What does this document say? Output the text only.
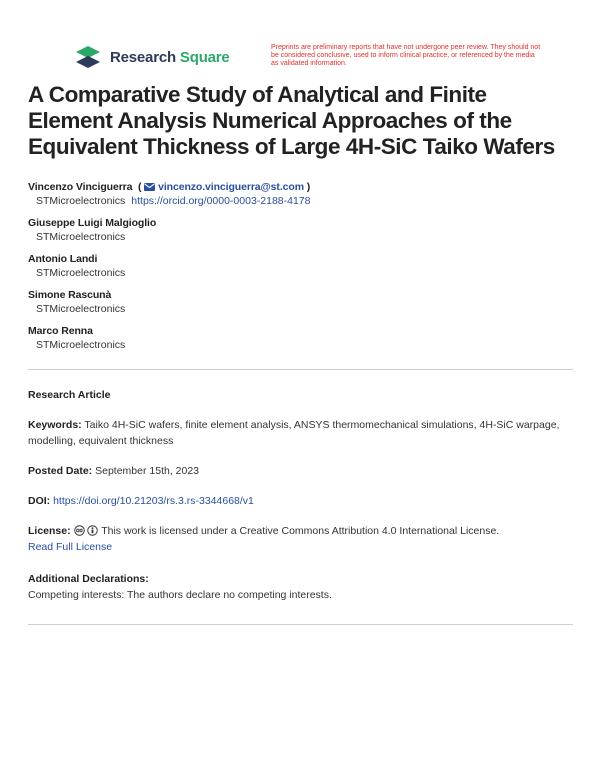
Research Square
Preprints are preliminary reports that have not undergone peer review. They should not be considered conclusive, used to inform clinical practice, or referenced by the media as validated information.
A Comparative Study of Analytical and Finite Element Analysis Numerical Approaches of the Equivalent Thickness of Large 4H-SiC Taiko Wafers
Vincenzo Vinciguerra  (  vincenzo.vinciguerra@st.com )
STMicroelectronics https://orcid.org/0000-0003-2188-4178
Giuseppe Luigi Malgioglio
STMicroelectronics
Antonio Landi
STMicroelectronics
Simone Rascunà
STMicroelectronics
Marco Renna
STMicroelectronics
Research Article
Keywords: Taiko 4H-SiC wafers, finite element analysis, ANSYS thermomechanical simulations, 4H-SiC warpage, modelling, equivalent thickness
Posted Date: September 15th, 2023
DOI: https://doi.org/10.21203/rs.3.rs-3344668/v1
License:	This work is licensed under a Creative Commons Attribution 4.0 International License.
Read Full License
Additional Declarations:
Competing interests: The authors declare no competing interests.
